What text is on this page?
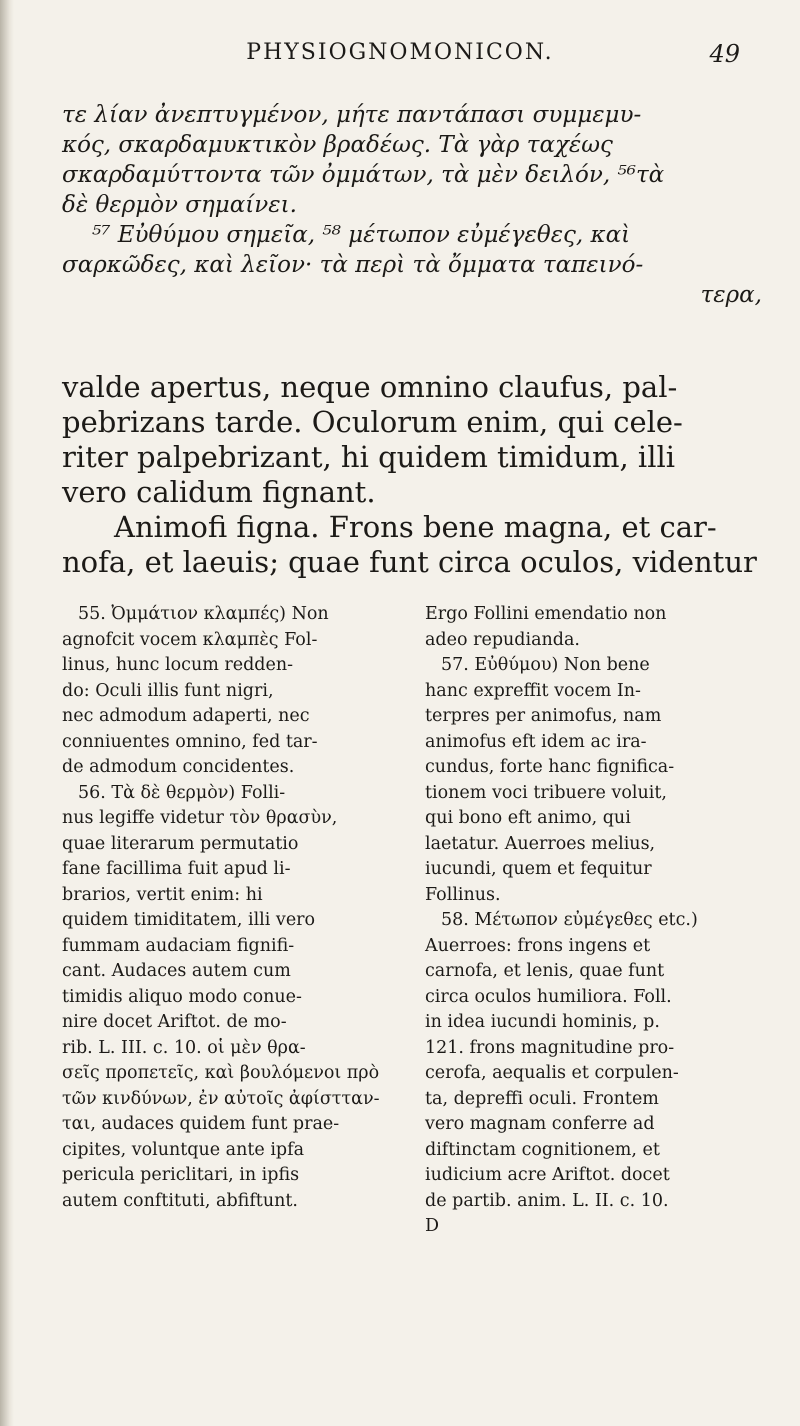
PHYSIOGNOMONICON.	49
τε λίαν ἀνεπτυγμένον, μήτε παντάπασι συμμεμυ-
κός, σκαρδαμυκτικὸν βραδέως. Τὰ γὰρ ταχέως
σκαρδαμύττοντα τῶν ὀμμάτων, τὰ μὲν δειλόν, ⁵⁶τὰ
δὲ θερμὸν σημαίνει.
⁵⁷ Εὐθύμου σημεῖα, ⁵⁸ μέτωπον εὐμέγεθες, καὶ
σαρκῶδες, καὶ λεῖον· τὰ περὶ τὰ ὄμματα ταπεινό-
τερα,
valde apertus, neque omnino claufus, pal-
pebrizans tarde. Oculorum enim, qui cele-
riter palpebrizant, hi quidem timidum, illi
vero calidum fignant.
Animofi figna. Frons bene magna, et car-
nofa, et laeuis; quae funt circa oculos, videntur
55. Ὀμμάτιον κλαμπές) Non
agnofcit vocem κλαμπὲς Fol-
linus, hunc locum redden-
do: Oculi illis funt nigri,
nec admodum adaperti, nec
conniuentes omnino, fed tar-
de admodum concidentes.
56. Τὰ δὲ θερμὸν) Folli-
nus legiffe videtur τὸν θρασὺν,
quae literarum permutatio
fane facillima fuit apud li-
brarios, vertit enim: hi
quidem timiditatem, illi vero
fummam audaciam fignifi-
cant. Audaces autem cum
timidis aliquo modo conue-
nire docet Ariftot. de mo-
rib. L. III. c. 10. οἱ μὲν θρα-
σεῖς προπετεῖς, καὶ βουλόμενοι πρὸ
τῶν κινδύνων, ἐν αὐτοῖς ἀφίστταν-
ται, audaces quidem funt prae-
cipites, voluntque ante ipfa
pericula periclitari, in ipfis
autem conftituti, abfiftunt.
Ergo Follini emendatio non
adeo repudianda.
57. Εὐθύμου) Non bene
hanc expreffit vocem In-
terpres per animofus, nam
animofus eft idem ac ira-
cundus, forte hanc fignifica-
tionem voci tribuere voluit,
qui bono eft animo, qui
laetatur. Auerroes melius,
iucundi, quem et fequitur
Follinus.
58. Μέτωπον εὐμέγεθες etc.)
Auerroes: frons ingens et
carnofa, et lenis, quae funt
circa oculos humiliora. Foll.
in idea iucundi hominis, p.
121. frons magnitudine pro-
cerofa, aequalis et corpulen-
ta, depreffi oculi. Frontem
vero magnam conferre ad
diftinctam cognitionem, et
iudicium acre Ariftot. docet
de partib. anim. L. II. c. 10.
D
